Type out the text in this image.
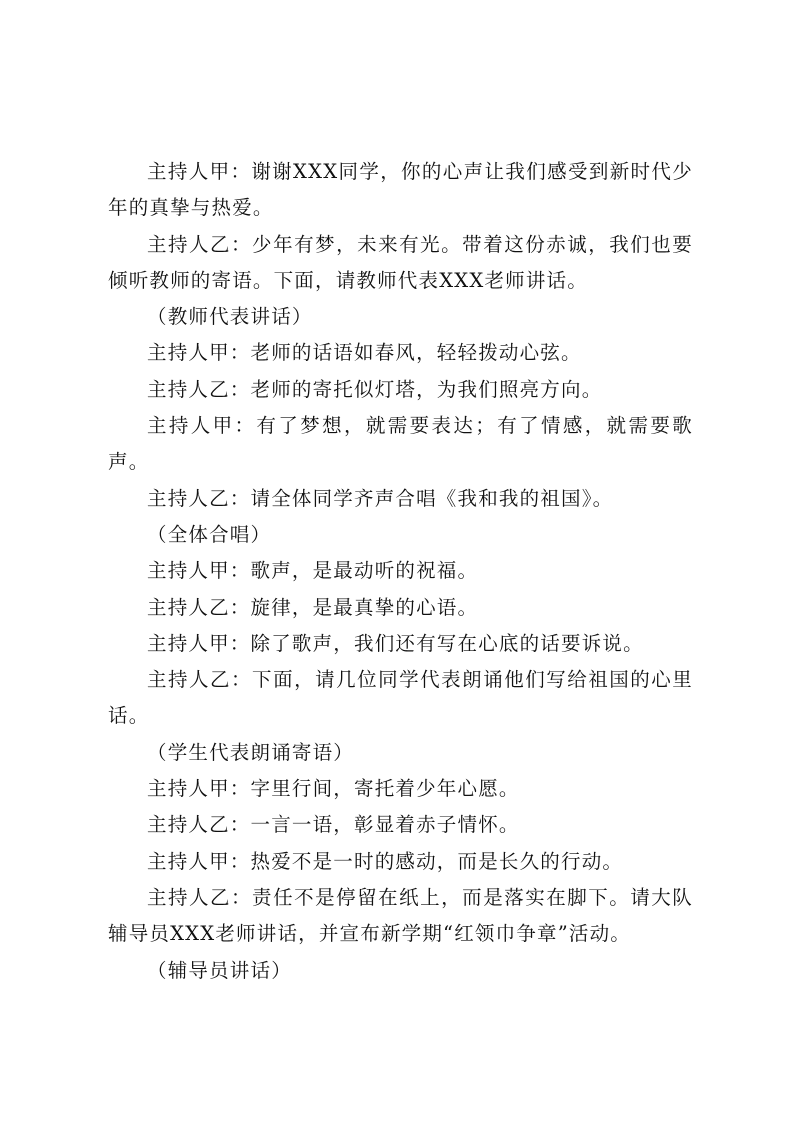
主持人甲：谢谢XXX同学，你的心声让我们感受到新时代少年的真挚与热爱。

主持人乙：少年有梦，未来有光。带着这份赤诚，我们也要倾听教师的寄语。下面，请教师代表XXX老师讲话。

（教师代表讲话）

主持人甲：老师的话语如春风，轻轻拨动心弦。

主持人乙：老师的寄托似灯塔，为我们照亮方向。

主持人甲：有了梦想，就需要表达；有了情感，就需要歌声。

主持人乙：请全体同学齐声合唱《我和我的祖国》。

（全体合唱）

主持人甲：歌声，是最动听的祝福。

主持人乙：旋律，是最真挚的心语。

主持人甲：除了歌声，我们还有写在心底的话要诉说。

主持人乙：下面，请几位同学代表朗诵他们写给祖国的心里话。

（学生代表朗诵寄语）

主持人甲：字里行间，寄托着少年心愿。

主持人乙：一言一语，彰显着赤子情怀。

主持人甲：热爱不是一时的感动，而是长久的行动。

主持人乙：责任不是停留在纸上，而是落实在脚下。请大队辅导员XXX老师讲话，并宣布新学期“红领巾争章”活动。

（辅导员讲话）
